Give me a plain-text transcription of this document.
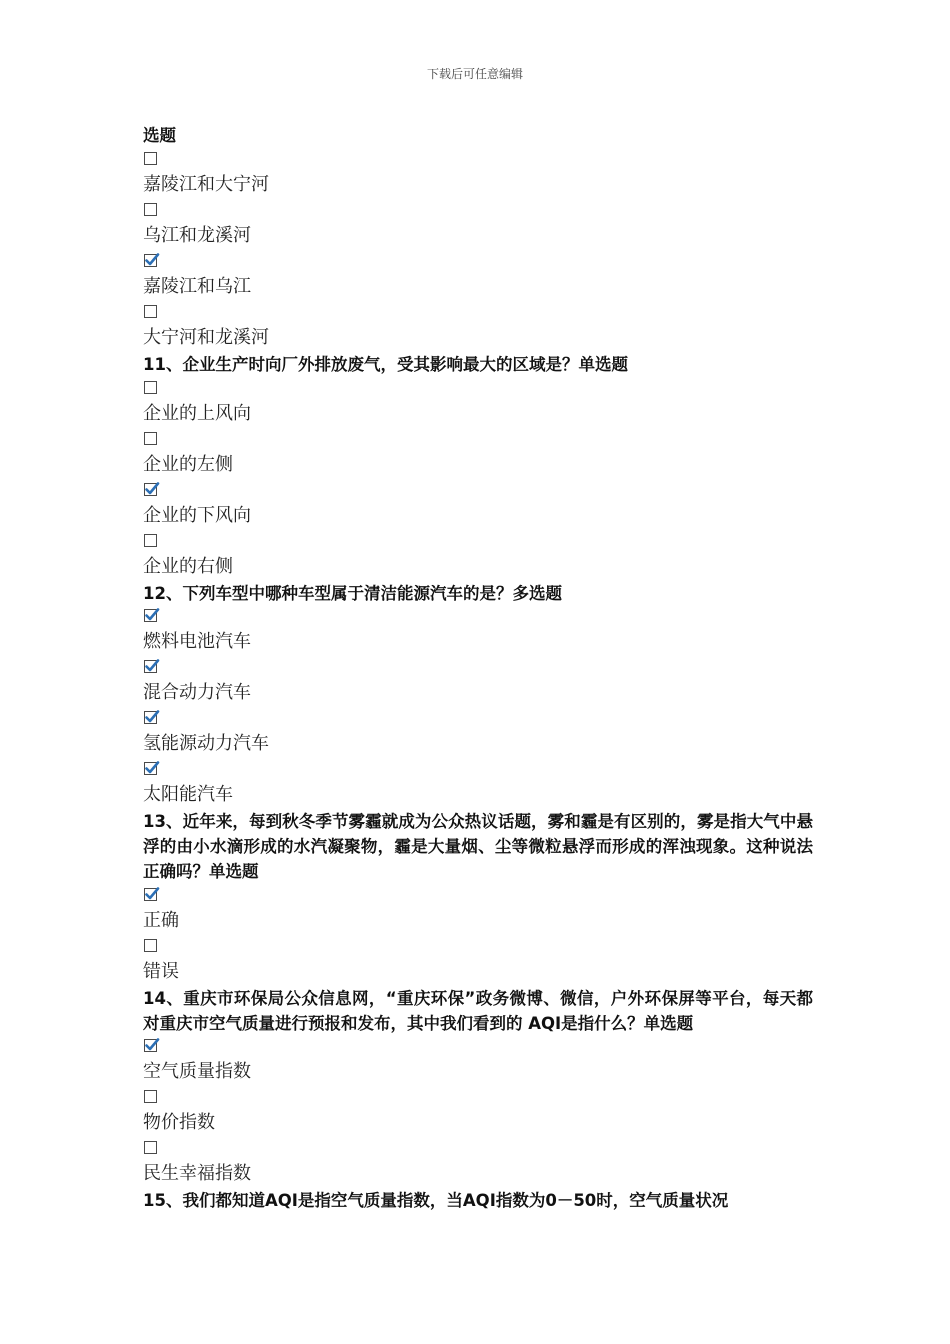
下载后可任意编辑

选题

嘉陵江和大宁河
乌江和龙溪河
嘉陵江和乌江
大宁河和龙溪河

11、企业生产时向厂外排放废气，受其影响最大的区域是？单选题

企业的上风向
企业的左侧
企业的下风向
企业的右侧

12、下列车型中哪种车型属于清洁能源汽车的是？多选题

燃料电池汽车
混合动力汽车
氢能源动力汽车
太阳能汽车

13、近年来，每到秋冬季节雾霾就成为公众热议话题，雾和霾是有区别的，雾是指大气中悬浮的由小水滴形成的水汽凝聚物，霾是大量烟、尘等微粒悬浮而形成的浑浊现象。这种说法正确吗？单选题

正确
错误

14、重庆市环保局公众信息网，“重庆环保”政务微博、微信，户外环保屏等平台，每天都对重庆市空气质量进行预报和发布，其中我们看到的 AQI是指什么？单选题

空气质量指数
物价指数
民生幸福指数

15、我们都知道AQI是指空气质量指数，当AQI指数为0－50时，空气质量状况
